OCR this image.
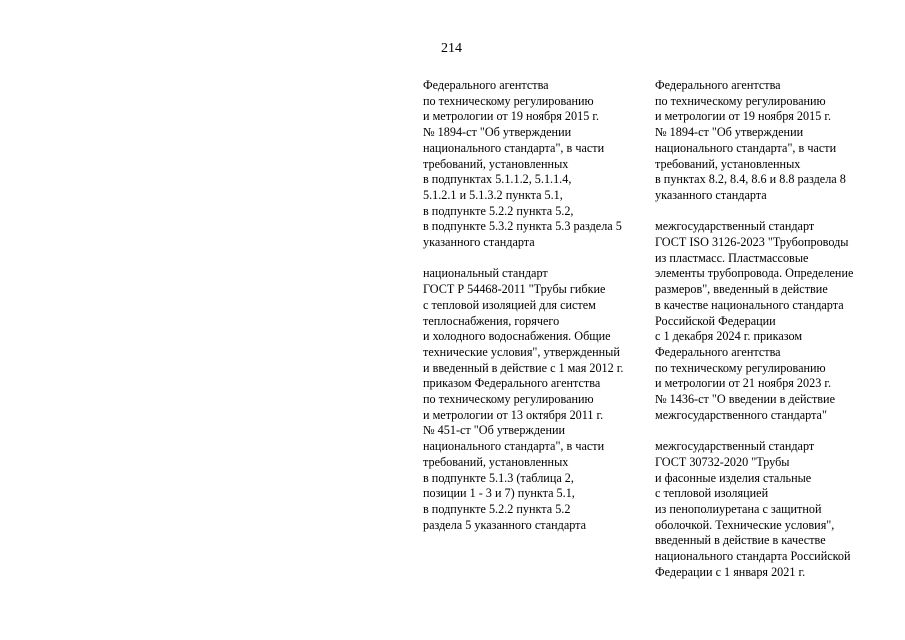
214

Федерального агентства
по техническому регулированию
и метрологии от 19 ноября 2015 г.
№ 1894-ст "Об утверждении
национального стандарта", в части
требований, установленных
в подпунктах 5.1.1.2, 5.1.1.4,
5.1.2.1 и 5.1.3.2 пункта 5.1,
в подпункте 5.2.2 пункта 5.2,
в подпункте 5.3.2 пункта 5.3 раздела 5
указанного стандарта

национальный стандарт
ГОСТ Р 54468-2011 "Трубы гибкие
с тепловой изоляцией для систем
теплоснабжения, горячего
и холодного водоснабжения. Общие
технические условия", утвержденный
и введенный в действие с 1 мая 2012 г.
приказом Федерального агентства
по техническому регулированию
и метрологии от 13 октября 2011 г.
№ 451-ст "Об утверждении
национального стандарта", в части
требований, установленных
в подпункте 5.1.3 (таблица 2,
позиции 1 - 3 и 7) пункта 5.1,
в подпункте 5.2.2 пункта 5.2
раздела 5 указанного стандарта

Федерального агентства
по техническому регулированию
и метрологии от 19 ноября 2015 г.
№ 1894-ст "Об утверждении
национального стандарта", в части
требований, установленных
в пунктах 8.2, 8.4, 8.6 и 8.8 раздела 8
указанного стандарта

межгосударственный стандарт
ГОСТ ISO 3126-2023 "Трубопроводы
из пластмасс. Пластмассовые
элементы трубопровода. Определение
размеров", введенный в действие
в качестве национального стандарта
Российской Федерации
с 1 декабря 2024 г. приказом
Федерального агентства
по техническому регулированию
и метрологии от 21 ноября 2023 г.
№ 1436-ст "О введении в действие
межгосударственного стандарта"

межгосударственный стандарт
ГОСТ 30732-2020 "Трубы
и фасонные изделия стальные
с тепловой изоляцией
из пенополиуретана с защитной
оболочкой. Технические условия",
введенный в действие в качестве
национального стандарта Российской
Федерации с 1 января 2021 г.
